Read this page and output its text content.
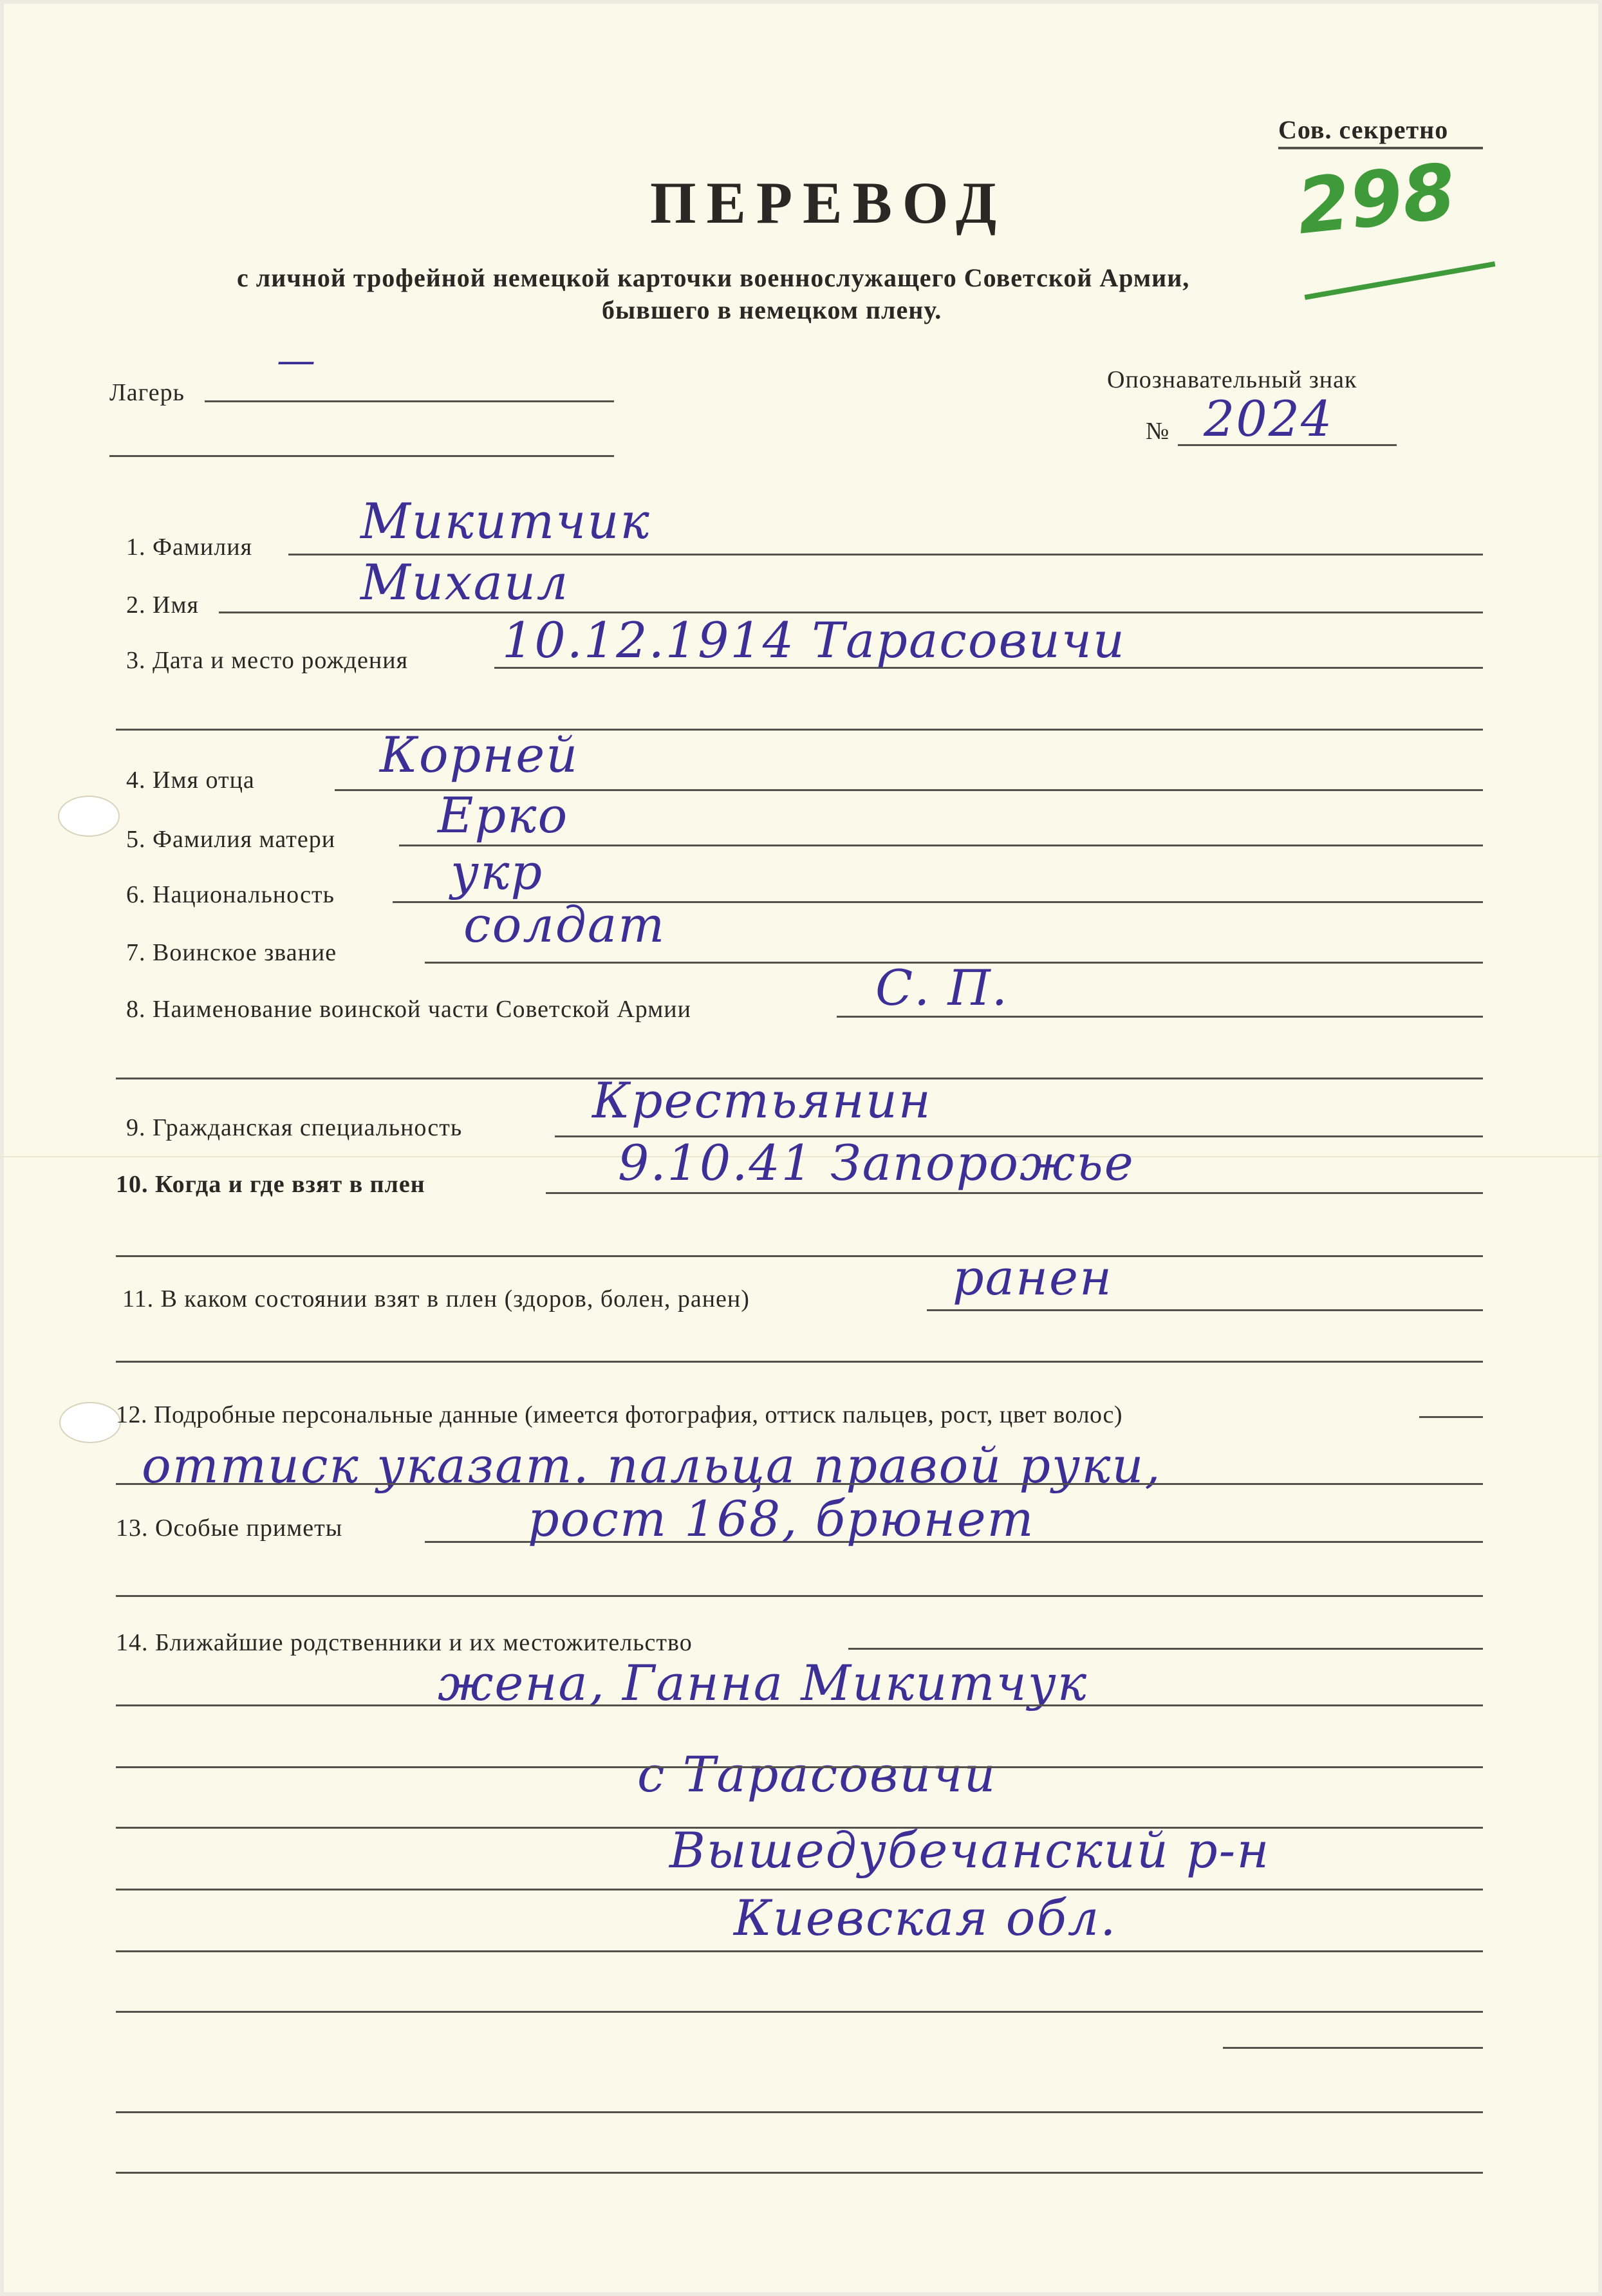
Сов. секретно
ПЕРЕВОД
с личной трофейной немецкой карточки военнослужащего Советской Армии,
бывшего в немецком плену.
298
Лагерь
—	Опознавательный знак
№ 2024
1. Фамилия Микитчик
2. Имя	Михаил
3. Дата и место рождения 10.12.1914 Тарасовичи
4. Имя отца	Корней
5. Фамилия матери Ерко
6. Национальность укр
7. Воинское звание	солдат
8. Наименование воинской части Советской Армии	С. П.
9. Гражданская специальность	Крестьянин
10. Когда и где взят в плен	9.10.41 Запорожье
11. В каком состоянии взят в плен (здоров, болен, ранен)	ранен
12. Подробные персональные данные (имеется фотография, оттиск пальцев, рост, цвет волос)
оттиск указат. пальца правой руки,
13. Особые приметы	рост 168, брюнет
14. Ближайшие родственники и их местожительство
жена, Ганна Микитчук
с Тарасовичи
Вышедубечанский р-н
Киевская обл.
